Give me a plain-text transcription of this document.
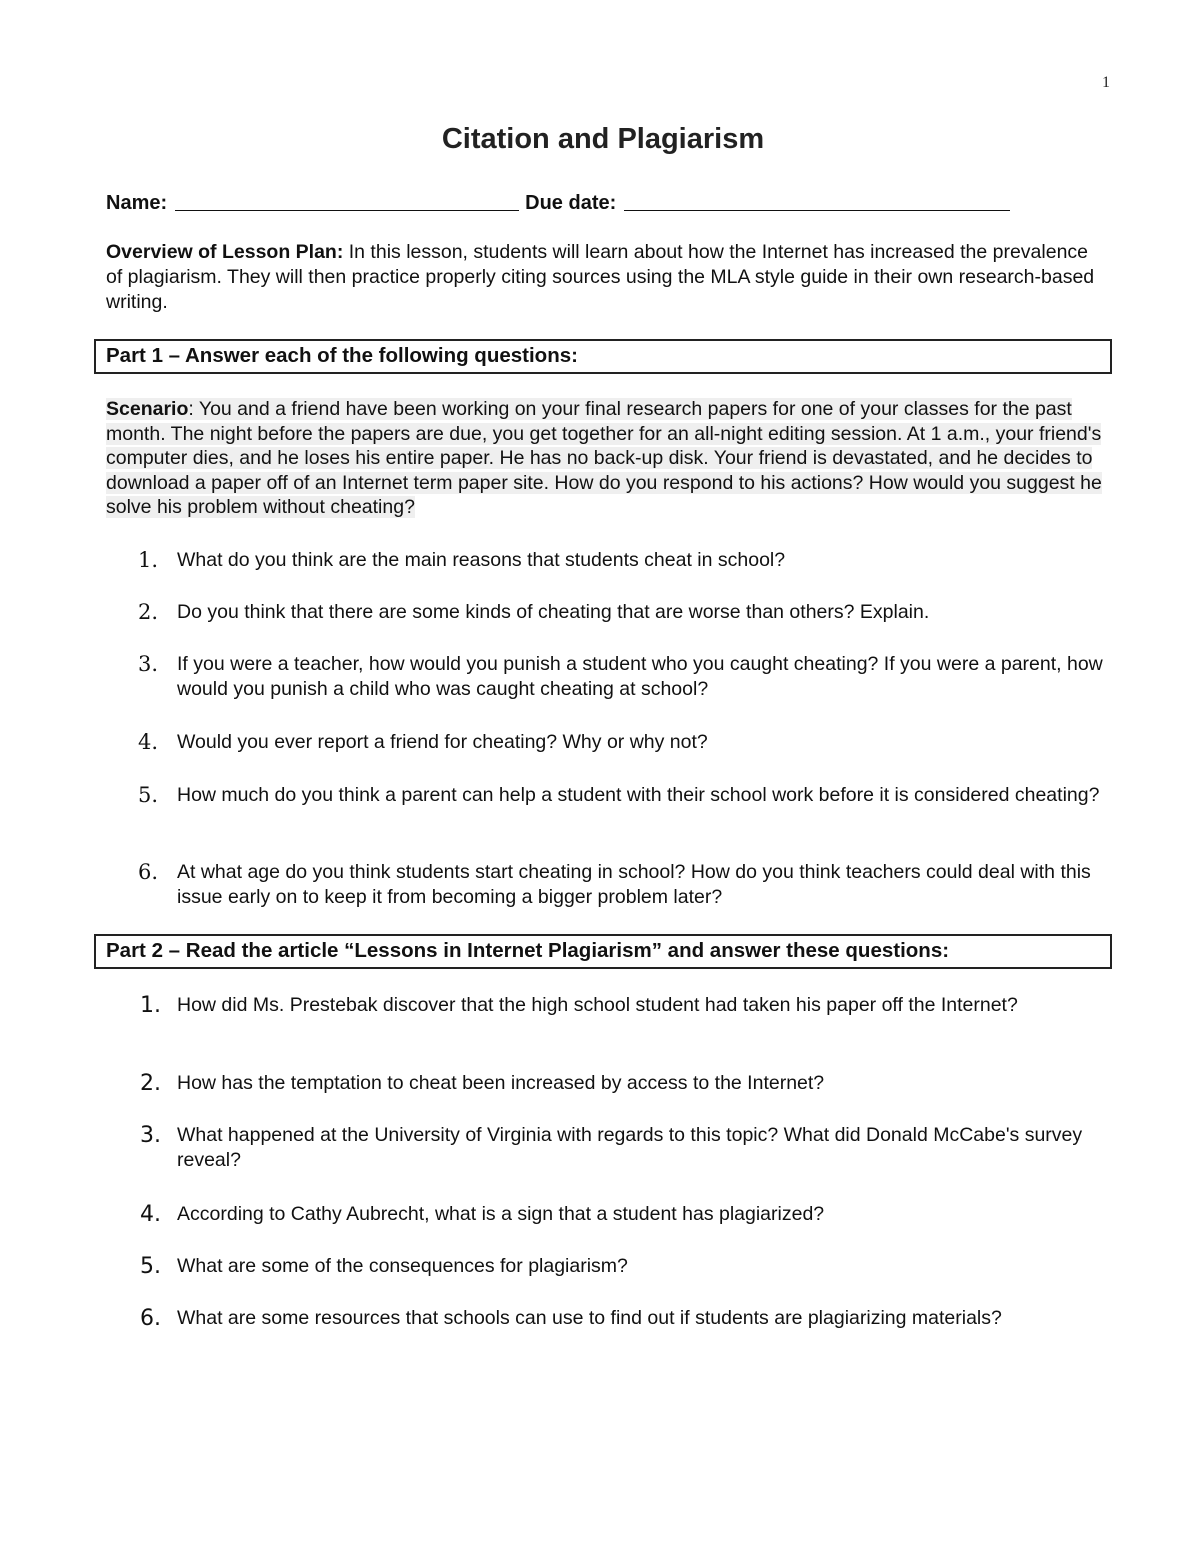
1
Citation and Plagiarism
Name:	Due date:
Overview of Lesson Plan: In this lesson, students will learn about how the Internet has increased the prevalence of plagiarism. They will then practice properly citing sources using the MLA style guide in their own research-based writing.
Part 1 – Answer each of the following questions:
Scenario: You and a friend have been working on your final research papers for one of your classes for the past month. The night before the papers are due, you get together for an all-night editing session. At 1 a.m., your friend's computer dies, and he loses his entire paper. He has no back-up disk. Your friend is devastated, and he decides to download a paper off of an Internet term paper site. How do you respond to his actions? How would you suggest he solve his problem without cheating?
1. What do you think are the main reasons that students cheat in school?
2. Do you think that there are some kinds of cheating that are worse than others? Explain.
3. If you were a teacher, how would you punish a student who you caught cheating? If you were a parent, how would you punish a child who was caught cheating at school?
4. Would you ever report a friend for cheating? Why or why not?
5. How much do you think a parent can help a student with their school work before it is considered cheating?
6. At what age do you think students start cheating in school? How do you think teachers could deal with this issue early on to keep it from becoming a bigger problem later?
Part 2 – Read the article “Lessons in Internet Plagiarism” and answer these questions:
1. How did Ms. Prestebak discover that the high school student had taken his paper off the Internet?
2. How has the temptation to cheat been increased by access to the Internet?
3. What happened at the University of Virginia with regards to this topic? What did Donald McCabe's survey reveal?
4. According to Cathy Aubrecht, what is a sign that a student has plagiarized?
5. What are some of the consequences for plagiarism?
6. What are some resources that schools can use to find out if students are plagiarizing materials?
